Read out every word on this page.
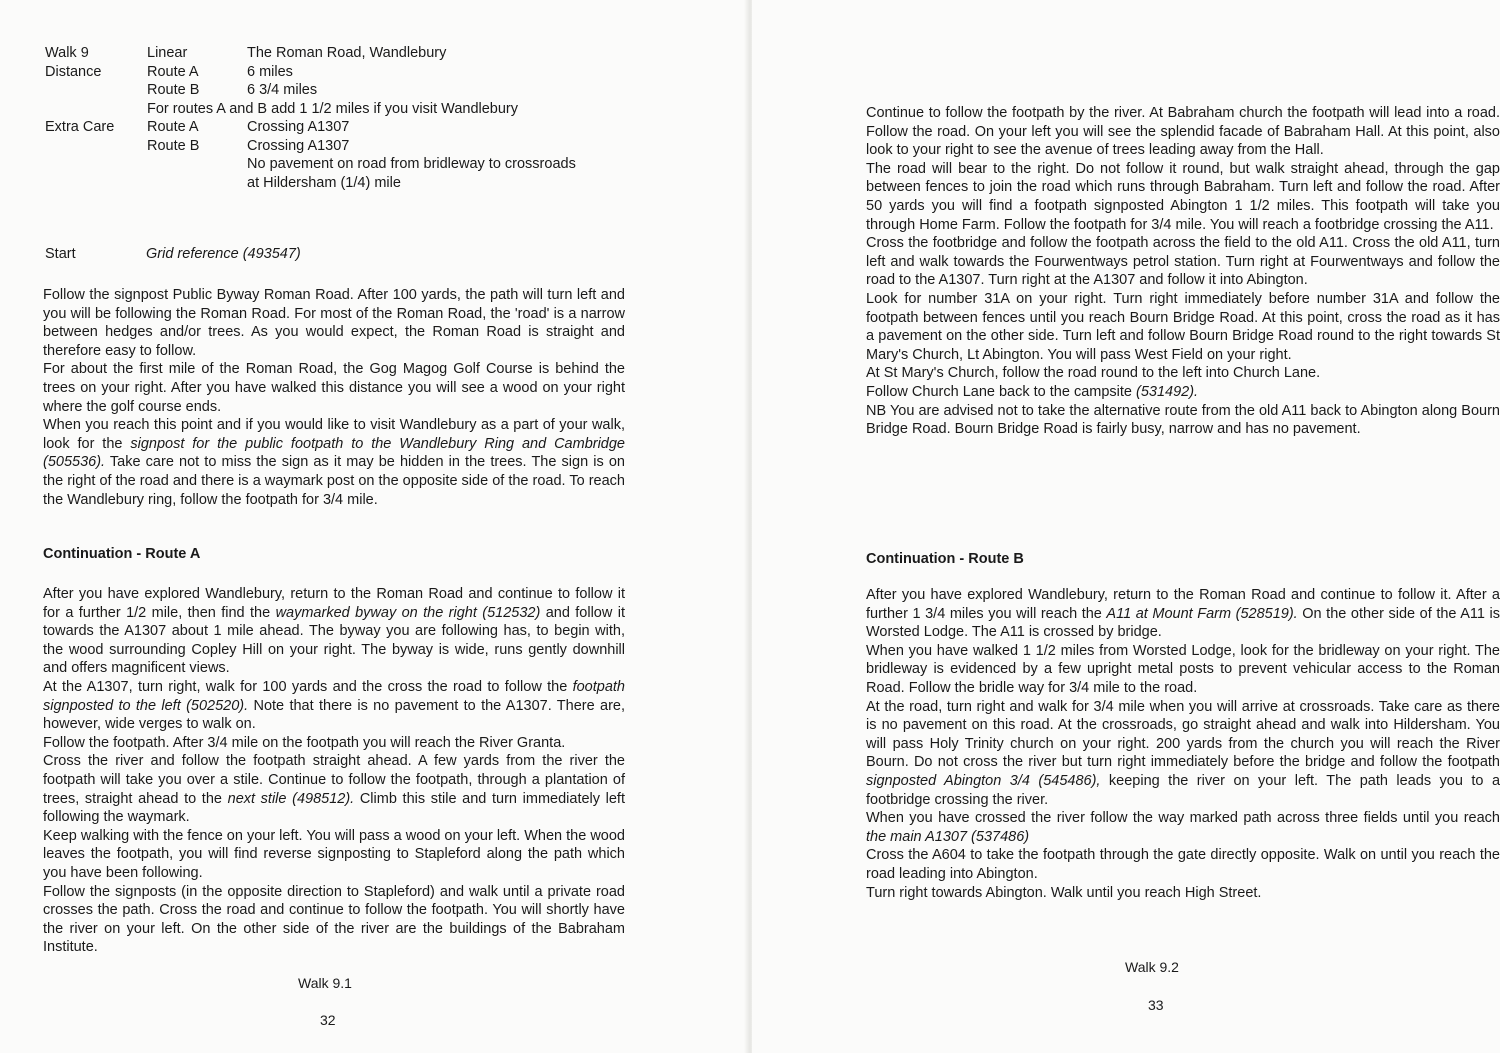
Walk 9	Linear	The Roman Road, Wandlebury
Distance	Route A	6 miles
Route B	6 3/4 miles
For routes A and B add 1 1/2 miles if you visit Wandlebury
Extra Care	Route A	Crossing A1307
Route B	Crossing A1307
No pavement on road from bridleway to crossroads
at Hildersham (1/4) mile
Start	Grid reference (493547)

Follow the signpost Public Byway Roman Road. After 100 yards, the path will turn left and you will be following the Roman Road. For most of the Roman Road, the 'road' is a narrow between hedges and/or trees. As you would expect, the Roman Road is straight and therefore easy to follow.

For about the first mile of the Roman Road, the Gog Magog Golf Course is behind the trees on your right. After you have walked this distance you will see a wood on your right where the golf course ends.

When you reach this point and if you would like to visit Wandlebury as a part of your walk, look for the signpost for the public footpath to the Wandlebury Ring and Cambridge (505536). Take care not to miss the sign as it may be hidden in the trees. The sign is on the right of the road and there is a waymark post on the opposite side of the road. To reach the Wandlebury ring, follow the footpath for 3/4 mile.

Continuation - Route A

After you have explored Wandlebury, return to the Roman Road and continue to follow it for a further 1/2 mile, then find the waymarked byway on the right (512532) and follow it towards the A1307 about 1 mile ahead. The byway you are following has, to begin with, the wood surrounding Copley Hill on your right. The byway is wide, runs gently downhill and offers magnificent views.

At the A1307, turn right, walk for 100 yards and the cross the road to follow the footpath signposted to the left (502520). Note that there is no pavement to the A1307. There are, however, wide verges to walk on.

Follow the footpath. After 3/4 mile on the footpath you will reach the River Granta.

Cross the river and follow the footpath straight ahead. A few yards from the river the footpath will take you over a stile. Continue to follow the footpath, through a plantation of trees, straight ahead to the next stile (498512). Climb this stile and turn immediately left following the waymark.

Keep walking with the fence on your left. You will pass a wood on your left. When the wood leaves the footpath, you will find reverse signposting to Stapleford along the path which you have been following.

Follow the signposts (in the opposite direction to Stapleford) and walk until a private road crosses the path. Cross the road and continue to follow the footpath. You will shortly have the river on your left. On the other side of the river are the buildings of the Babraham Institute.

Walk 9.1
32

Continue to follow the footpath by the river. At Babraham church the footpath will lead into a road. Follow the road. On your left you will see the splendid facade of Babraham Hall. At this point, also look to your right to see the avenue of trees leading away from the Hall.

The road will bear to the right. Do not follow it round, but walk straight ahead, through the gap between fences to join the road which runs through Babraham. Turn left and follow the road. After 50 yards you will find a footpath signposted Abington 1 1/2 miles. This footpath will take you through Home Farm. Follow the footpath for 3/4 mile. You will reach a footbridge crossing the A11.

Cross the footbridge and follow the footpath across the field to the old A11. Cross the old A11, turn left and walk towards the Fourwentways petrol station. Turn right at Fourwentways and follow the road to the A1307. Turn right at the A1307 and follow it into Abington.

Look for number 31A on your right. Turn right immediately before number 31A and follow the footpath between fences until you reach Bourn Bridge Road. At this point, cross the road as it has a pavement on the other side. Turn left and follow Bourn Bridge Road round to the right towards St Mary's Church, Lt Abington. You will pass West Field on your right.

At St Mary's Church, follow the road round to the left into Church Lane.

Follow Church Lane back to the campsite (531492).

NB You are advised not to take the alternative route from the old A11 back to Abington along Bourn Bridge Road. Bourn Bridge Road is fairly busy, narrow and has no pavement.

Continuation - Route B

After you have explored Wandlebury, return to the Roman Road and continue to follow it. After a further 1 3/4 miles you will reach the A11 at Mount Farm (528519). On the other side of the A11 is Worsted Lodge. The A11 is crossed by bridge.

When you have walked 1 1/2 miles from Worsted Lodge, look for the bridleway on your right. The bridleway is evidenced by a few upright metal posts to prevent vehicular access to the Roman Road. Follow the bridle way for 3/4 mile to the road.

At the road, turn right and walk for 3/4 mile when you will arrive at crossroads. Take care as there is no pavement on this road. At the crossroads, go straight ahead and walk into Hildersham. You will pass Holy Trinity church on your right. 200 yards from the church you will reach the River Bourn. Do not cross the river but turn right immediately before the bridge and follow the footpath signposted Abington 3/4 (545486), keeping the river on your left. The path leads you to a footbridge crossing the river.

When you have crossed the river follow the way marked path across three fields until you reach the main A1307 (537486)

Cross the A604 to take the footpath through the gate directly opposite. Walk on until you reach the road leading into Abington.

Turn right towards Abington. Walk until you reach High Street.

Walk 9.2
33
